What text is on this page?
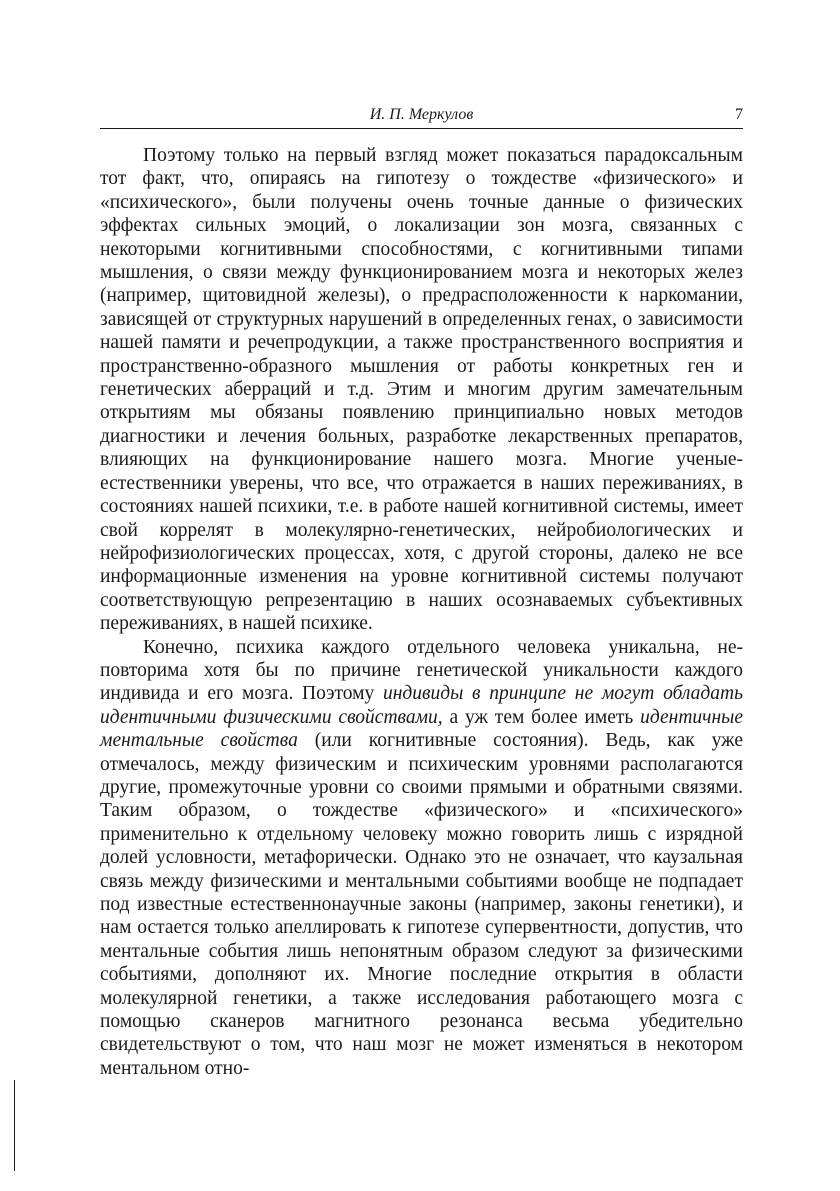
И. П. Меркулов	7

Поэтому только на первый взгляд может показаться парадоксальным тот факт, что, опираясь на гипотезу о тождестве «физического» и «психического», были получены очень точные данные о физических эффектах сильных эмоций, о локализации зон мозга, связанных с некоторыми когнитивными способностями, с когнитивными типами мышления, о связи между функционированием мозга и некоторых желез (например, щитовидной железы), о предрасположенности к наркомании, зависящей от структурных нарушений в определенных генах, о зависимости нашей памяти и речепродукции, а также пространственного восприятия и пространственно-образного мышления от работы конкретных ген и генетических аберраций и т.д. Этим и многим другим замечательным открытиям мы обязаны появлению принципиально новых методов диагностики и лечения больных, разработке лекарственных препаратов, влияющих на функционирование нашего мозга. Многие ученые-естественники уверены, что все, что отражается в наших переживаниях, в состояниях нашей психики, т.е. в работе нашей когнитивной системы, имеет свой коррелят в молекулярно-генетических, нейробиологических и нейрофизиологических процессах, хотя, с другой стороны, далеко не все информационные изменения на уровне когнитивной системы получают соответствующую репрезентацию в наших осознаваемых субъективных переживаниях, в нашей психике.

Конечно, психика каждого отдельного человека уникальна, неповторима хотя бы по причине генетической уникальности каждого индивида и его мозга. Поэтому индивиды в принципе не могут обладать идентичными физическими свойствами, а уж тем более иметь идентичные ментальные свойства (или когнитивные состояния). Ведь, как уже отмечалось, между физическим и психическим уровнями располагаются другие, промежуточные уровни со своими прямыми и обратными связями. Таким образом, о тождестве «физического» и «психического» применительно к отдельному человеку можно говорить лишь с изрядной долей условности, метафорически. Однако это не означает, что каузальная связь между физическими и ментальными событиями вообще не подпадает под известные естественнонаучные законы (например, законы генетики), и нам остается только апеллировать к гипотезе супервентности, допустив, что ментальные события лишь непонятным образом следуют за физическими событиями, дополняют их. Многие последние открытия в области молекулярной генетики, а также исследования работающего мозга с помощью сканеров магнитного резонанса весьма убедительно свидетельствуют о том, что наш мозг не может изменяться в некотором ментальном отно-
